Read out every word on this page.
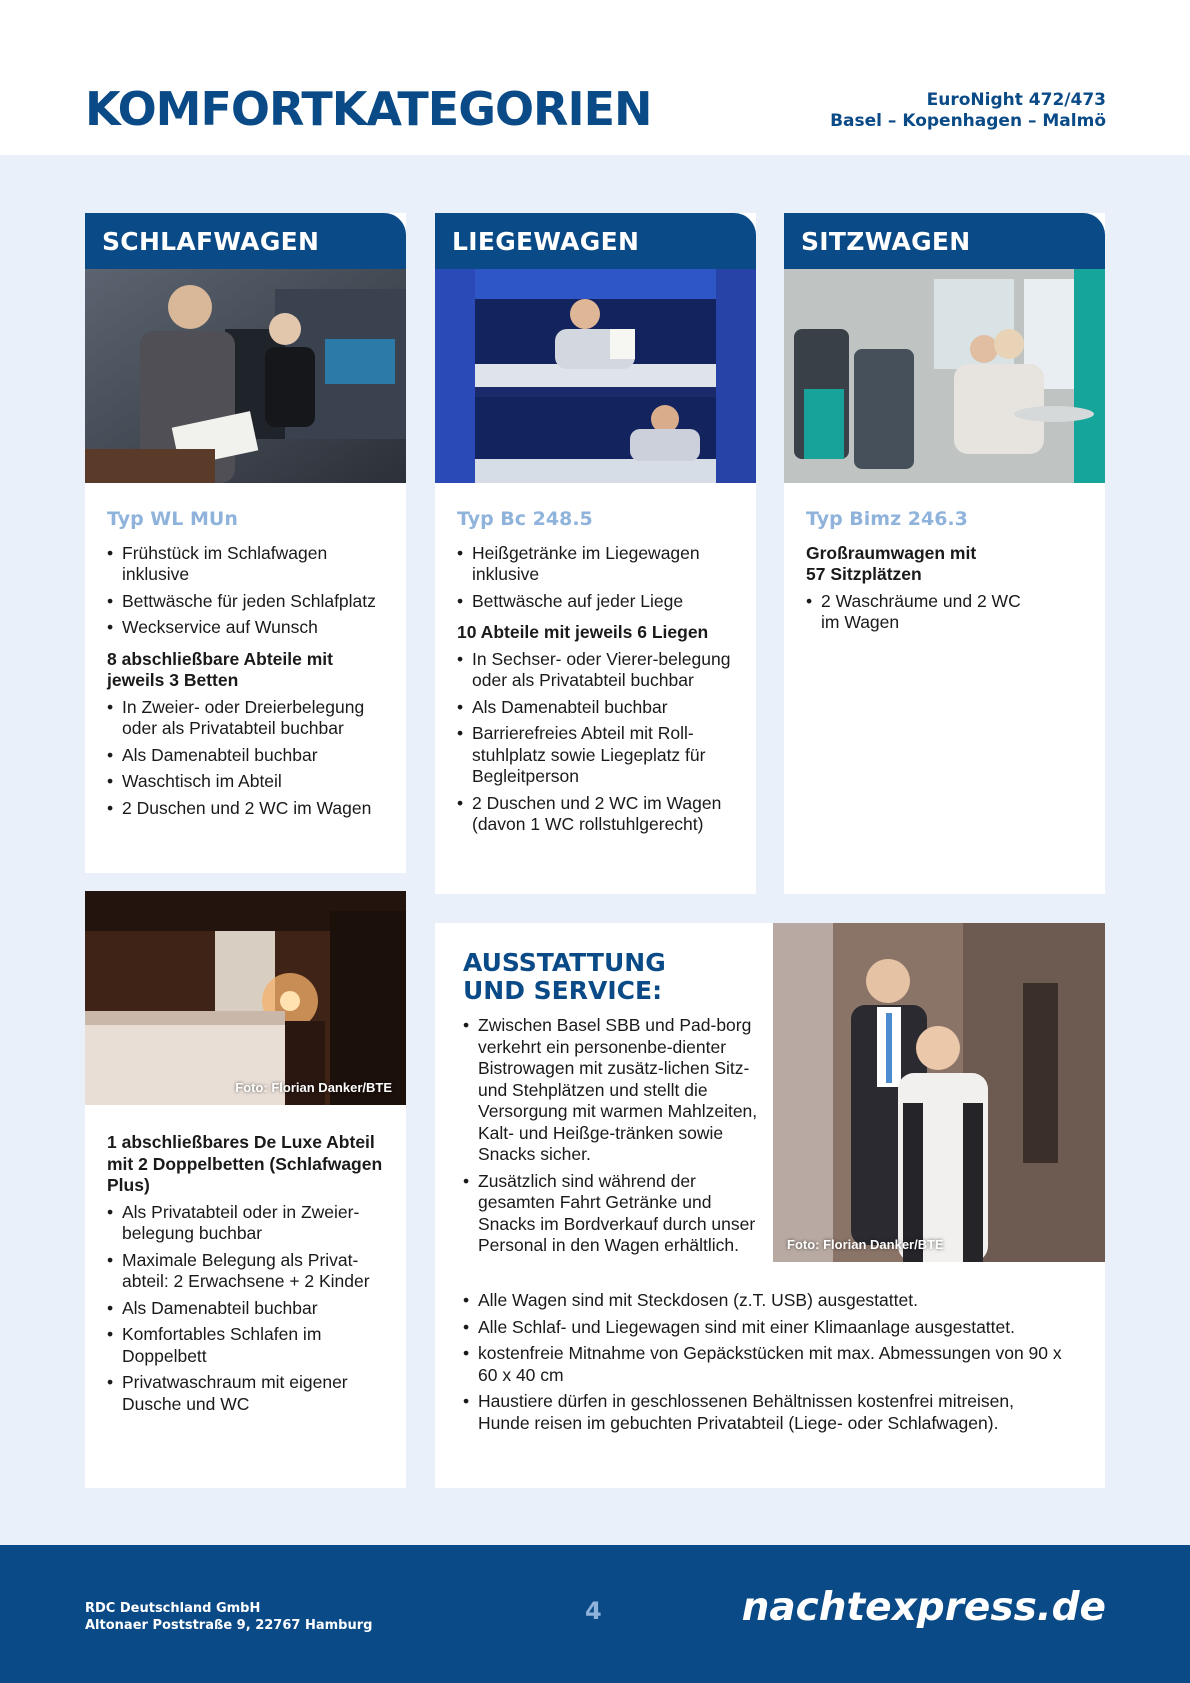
KOMFORTKATEGORIEN	EuroNight 472/473
Basel – Kopenhagen – Malmö
SCHLAFWAGEN

Typ WL MUn

• Frühstück im Schlafwagen inklusive
• Bettwäsche für jeden Schlafplatz
• Weckservice auf Wunsch

8 abschließbare Abteile mit jeweils 3 Betten

• In Zweier- oder Dreierbelegung oder als Privatabteil buchbar
• Als Damenabteil buchbar
• Waschtisch im Abteil
• 2 Duschen und 2 WC im Wagen
LIEGEWAGEN

Typ Bc 248.5

• Heißgetränke im Liegewagen inklusive
• Bettwäsche auf jeder Liege

10 Abteile mit jeweils 6 Liegen

• In Sechser- oder Vierer-belegung oder als Privatabteil buchbar
• Als Damenabteil buchbar
• Barrierefreies Abteil mit Roll-stuhlplatz sowie Liegeplatz für Begleitperson
• 2 Duschen und 2 WC im Wagen (davon 1 WC rollstuhlgerecht)
SITZWAGEN

Typ Bimz 246.3

Großraumwagen mit 57 Sitzplätzen

• 2 Waschräume und 2 WC im Wagen
Foto: Florian Danker/BTE

1 abschließbares De Luxe Abteil mit 2 Doppelbetten (Schlafwagen Plus)

• Als Privatabteil oder in Zweier-belegung buchbar
• Maximale Belegung als Privat-abteil: 2 Erwachsene + 2 Kinder
• Als Damenabteil buchbar
• Komfortables Schlafen im Doppelbett
• Privatwaschraum mit eigener Dusche und WC
Foto: Florian Danker/BTE
AUSSTATTUNG
UND SERVICE:
• Zwischen Basel SBB und Pad-borg verkehrt ein personenbe-dienter Bistrowagen mit zusätz-lichen Sitz- und Stehplätzen und stellt die Versorgung mit warmen Mahlzeiten, Kalt- und Heißge-tränken sowie Snacks sicher.
• Zusätzlich sind während der gesamten Fahrt Getränke und Snacks im Bordverkauf durch unser Personal in den Wagen erhältlich.
• Alle Wagen sind mit Steckdosen (z.T. USB) ausgestattet.
• Alle Schlaf- und Liegewagen sind mit einer Klimaanlage ausgestattet.
• kostenfreie Mitnahme von Gepäckstücken mit max. Abmessungen von 90 x 60 x 40 cm
• Haustiere dürfen in geschlossenen Behältnissen kostenfrei mitreisen, Hunde reisen im gebuchten Privatabteil (Liege- oder Schlafwagen).
RDC Deutschland GmbH
Altonaer Poststraße 9, 22767 Hamburg
4	nachtexpress.de
